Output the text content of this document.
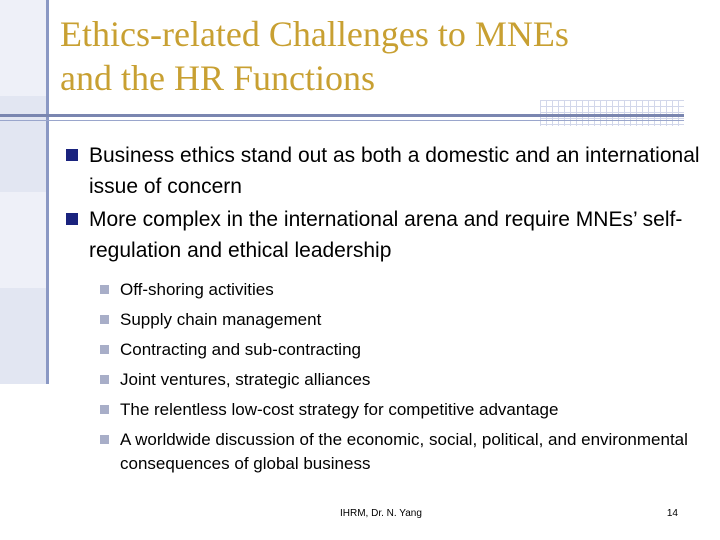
Ethics-related Challenges to MNEs
and the HR Functions
Business ethics stand out as both a domestic and an international issue of concern
More complex in the international arena and require MNEs’ self-regulation and ethical leadership
Off-shoring activities
Supply chain management
Contracting and sub-contracting
Joint ventures, strategic alliances
The relentless low-cost strategy for competitive advantage
A worldwide discussion of the economic, social, political, and environmental consequences of global business
IHRM, Dr. N. Yang	14
